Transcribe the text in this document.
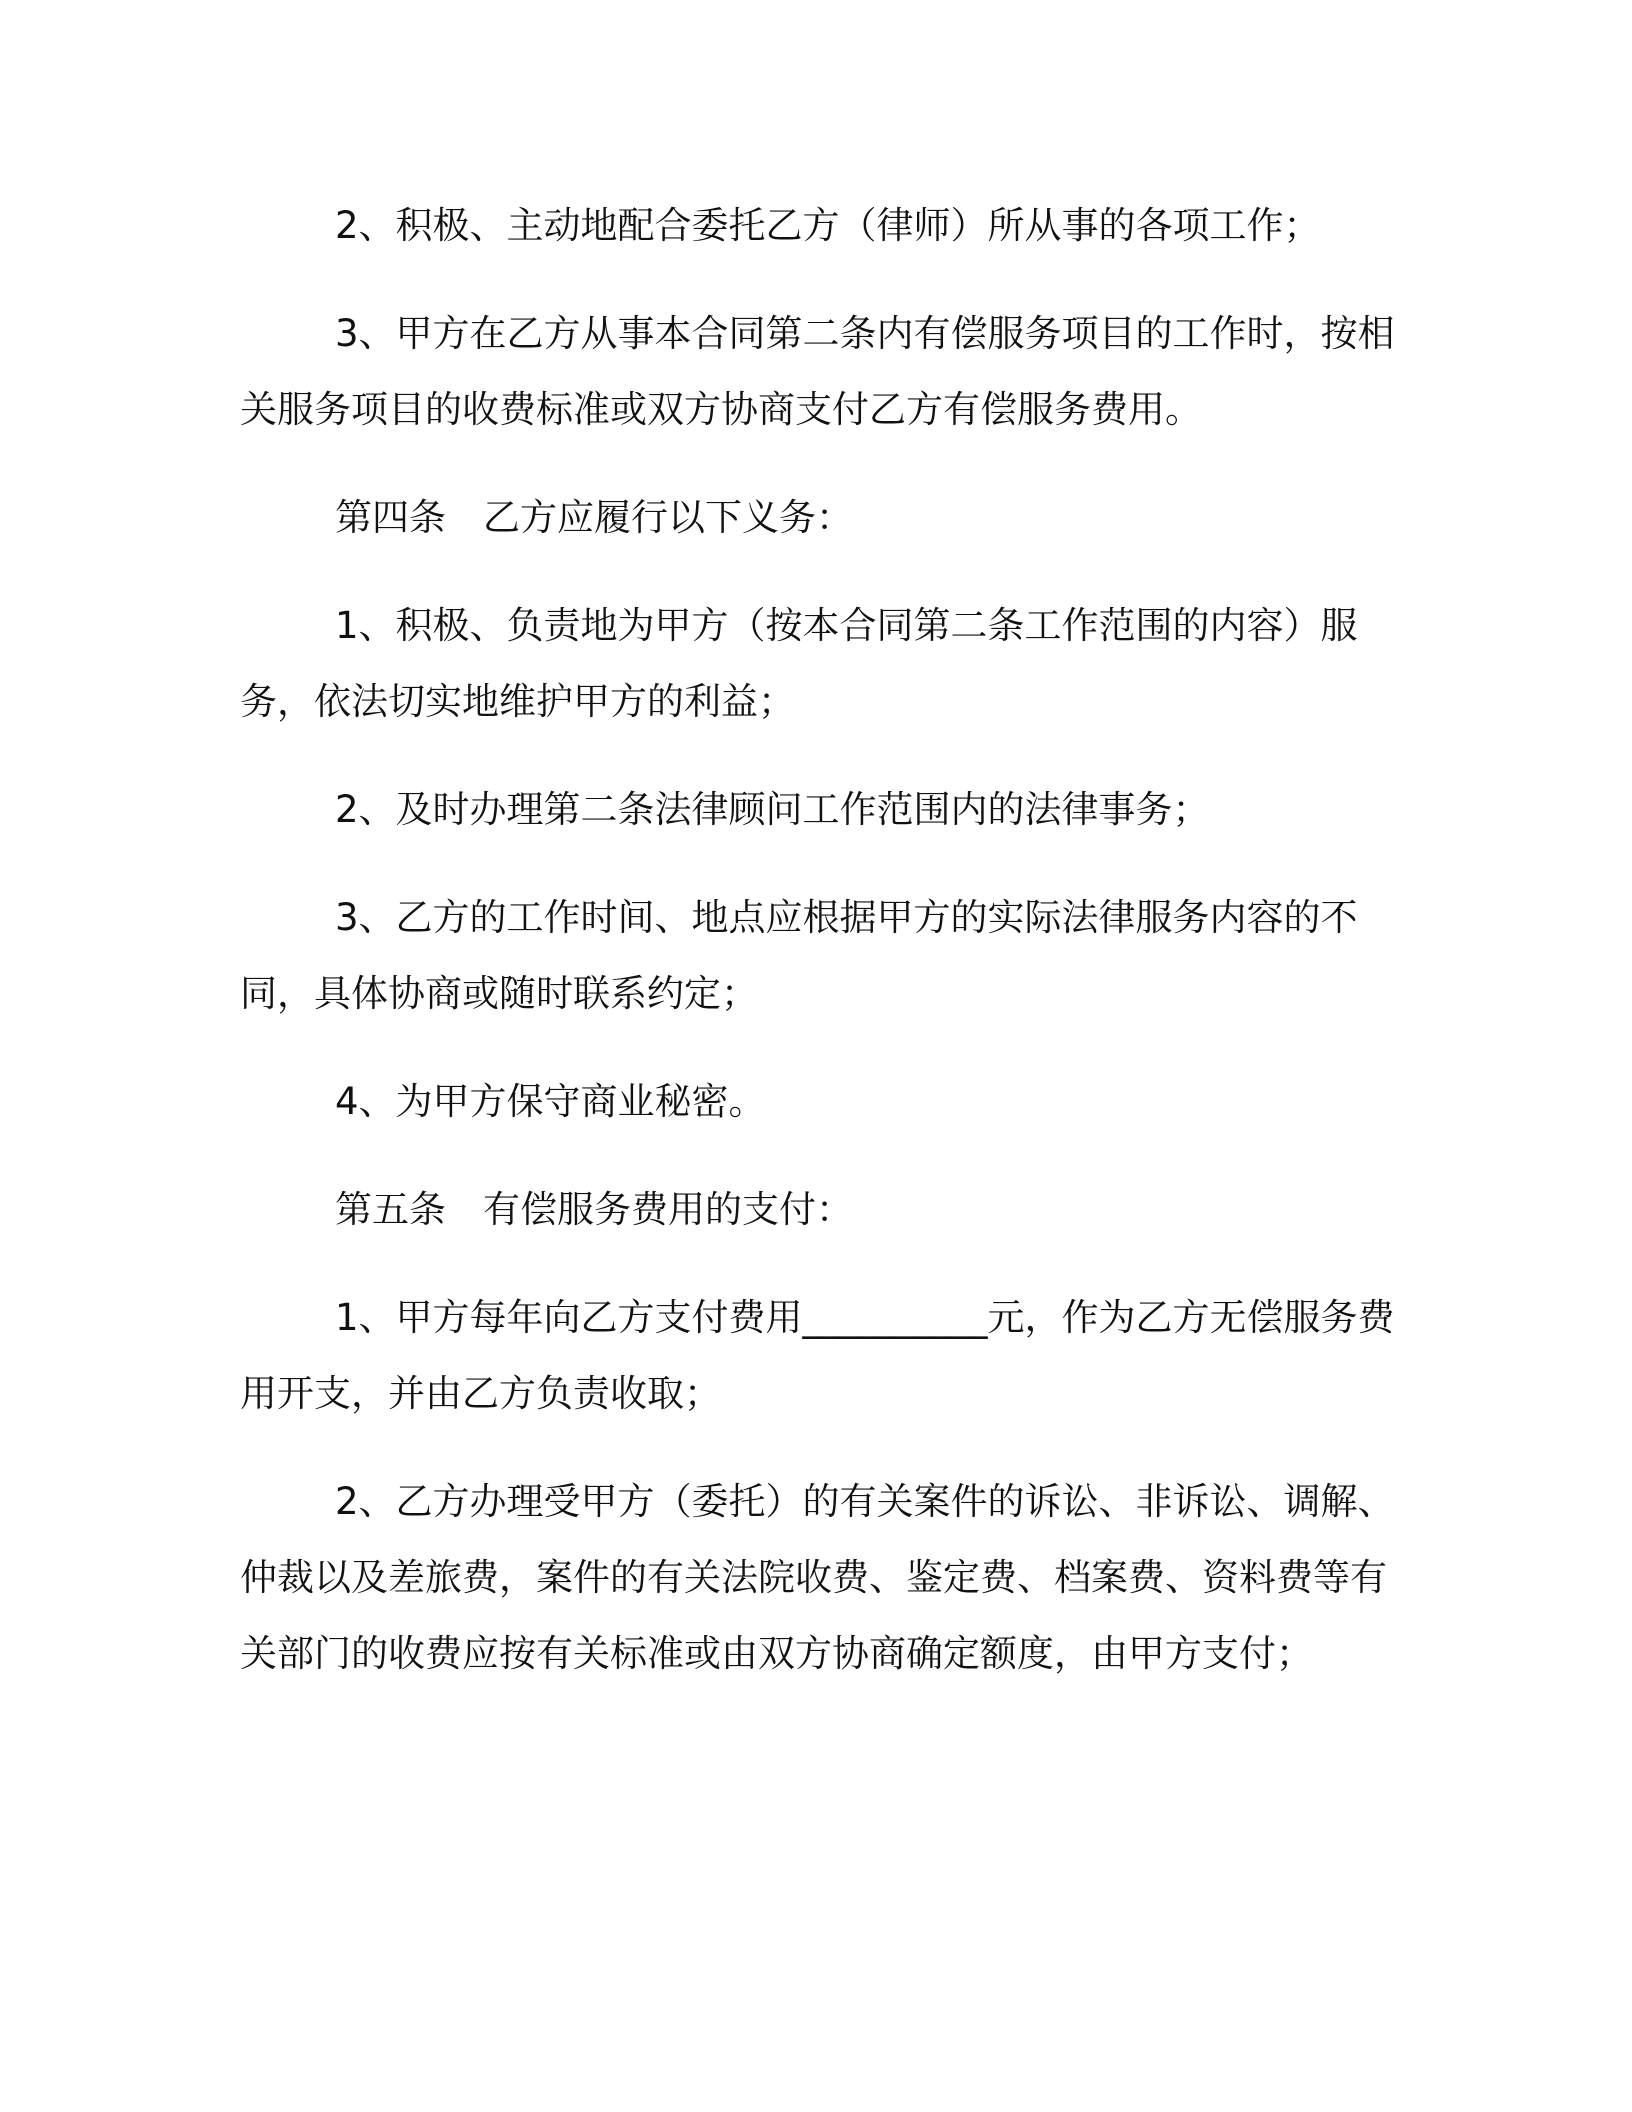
2、积极、主动地配合委托乙方（律师）所从事的各项工作；

3、甲方在乙方从事本合同第二条内有偿服务项目的工作时，按相关服务项目的收费标准或双方协商支付乙方有偿服务费用。

第四条　乙方应履行以下义务：

1、积极、负责地为甲方（按本合同第二条工作范围的内容）服务，依法切实地维护甲方的利益；

2、及时办理第二条法律顾问工作范围内的法律事务；

3、乙方的工作时间、地点应根据甲方的实际法律服务内容的不同，具体协商或随时联系约定；

4、为甲方保守商业秘密。

第五条　有偿服务费用的支付：

1、甲方每年向乙方支付费用__________元，作为乙方无偿服务费用开支，并由乙方负责收取；

2、乙方办理受甲方（委托）的有关案件的诉讼、非诉讼、调解、仲裁以及差旅费，案件的有关法院收费、鉴定费、档案费、资料费等有关部门的收费应按有关标准或由双方协商确定额度，由甲方支付；
